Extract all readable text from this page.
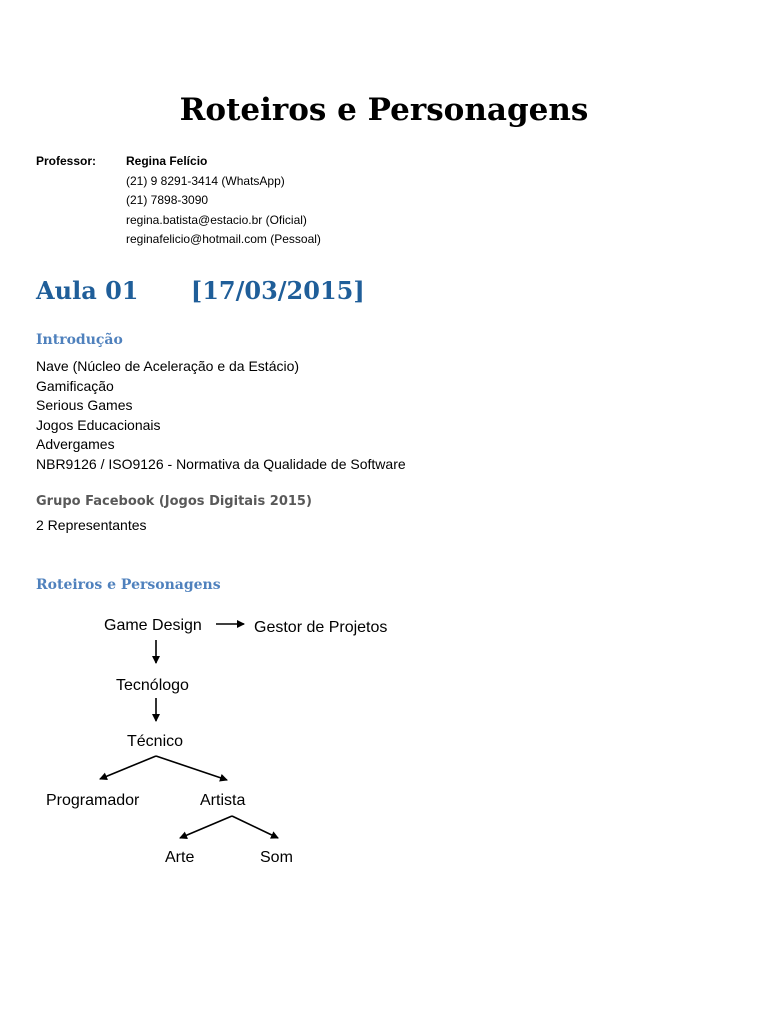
Roteiros e Personagens
Professor: Regina Felício
(21) 9 8291-3414 (WhatsApp)
(21) 7898-3090
regina.batista@estacio.br (Oficial)
reginafelicio@hotmail.com (Pessoal)
Aula 01 [17/03/2015]
Introdução
Nave (Núcleo de Aceleração e da Estácio)
Gamificação
Serious Games
Jogos Educacionais
Advergames
NBR9126 / ISO9126 - Normativa da Qualidade de Software
Grupo Facebook (Jogos Digitais 2015)
2 Representantes
Roteiros e Personagens
Game Design	Gestor de Projetos
Tecnólogo
Técnico
Programador	Artista
Arte	Som
